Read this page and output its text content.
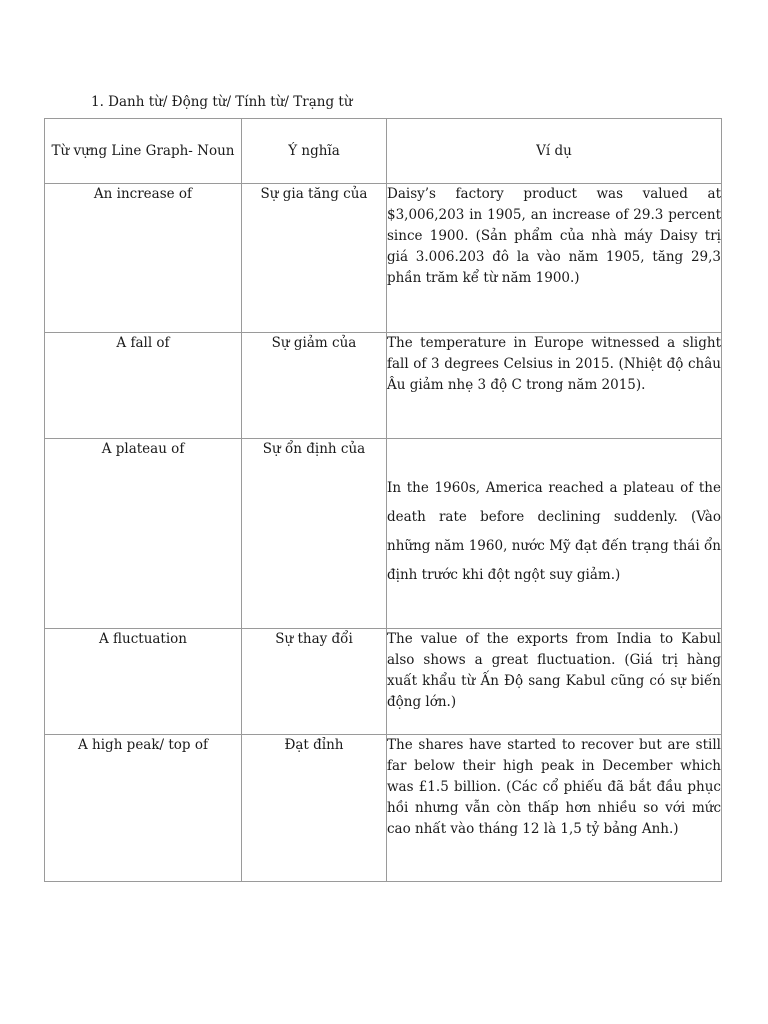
1. Danh từ/ Động từ/ Tính từ/ Trạng từ
Từ vựng Line Graph- Noun	Ý nghĩa	Ví dụ
An increase of	Sự gia tăng của	Daisy’s factory product was valued at $3,006,203 in 1905, an increase of 29.3 percent since 1900. (Sản phẩm của nhà máy Daisy trị giá 3.006.203 đô la vào năm 1905, tăng 29,3 phần trăm kể từ năm 1900.)
A fall of	Sự giảm của	The temperature in Europe witnessed a slight fall of 3 degrees Celsius in 2015. (Nhiệt độ châu Âu giảm nhẹ 3 độ C trong năm 2015).
A plateau of	Sự ổn định của	In the 1960s, America reached a plateau of the death rate before declining suddenly. (Vào những năm 1960, nước Mỹ đạt đến trạng thái ổn định trước khi đột ngột suy giảm.)
A fluctuation	Sự thay đổi	The value of the exports from India to Kabul also shows a great fluctuation. (Giá trị hàng xuất khẩu từ Ấn Độ sang Kabul cũng có sự biến động lớn.)
A high peak/ top of	Đạt đỉnh	The shares have started to recover but are still far below their high peak in December which was £1.5 billion. (Các cổ phiếu đã bắt đầu phục hồi nhưng vẫn còn thấp hơn nhiều so với mức cao nhất vào tháng 12 là 1,5 tỷ bảng Anh.)
